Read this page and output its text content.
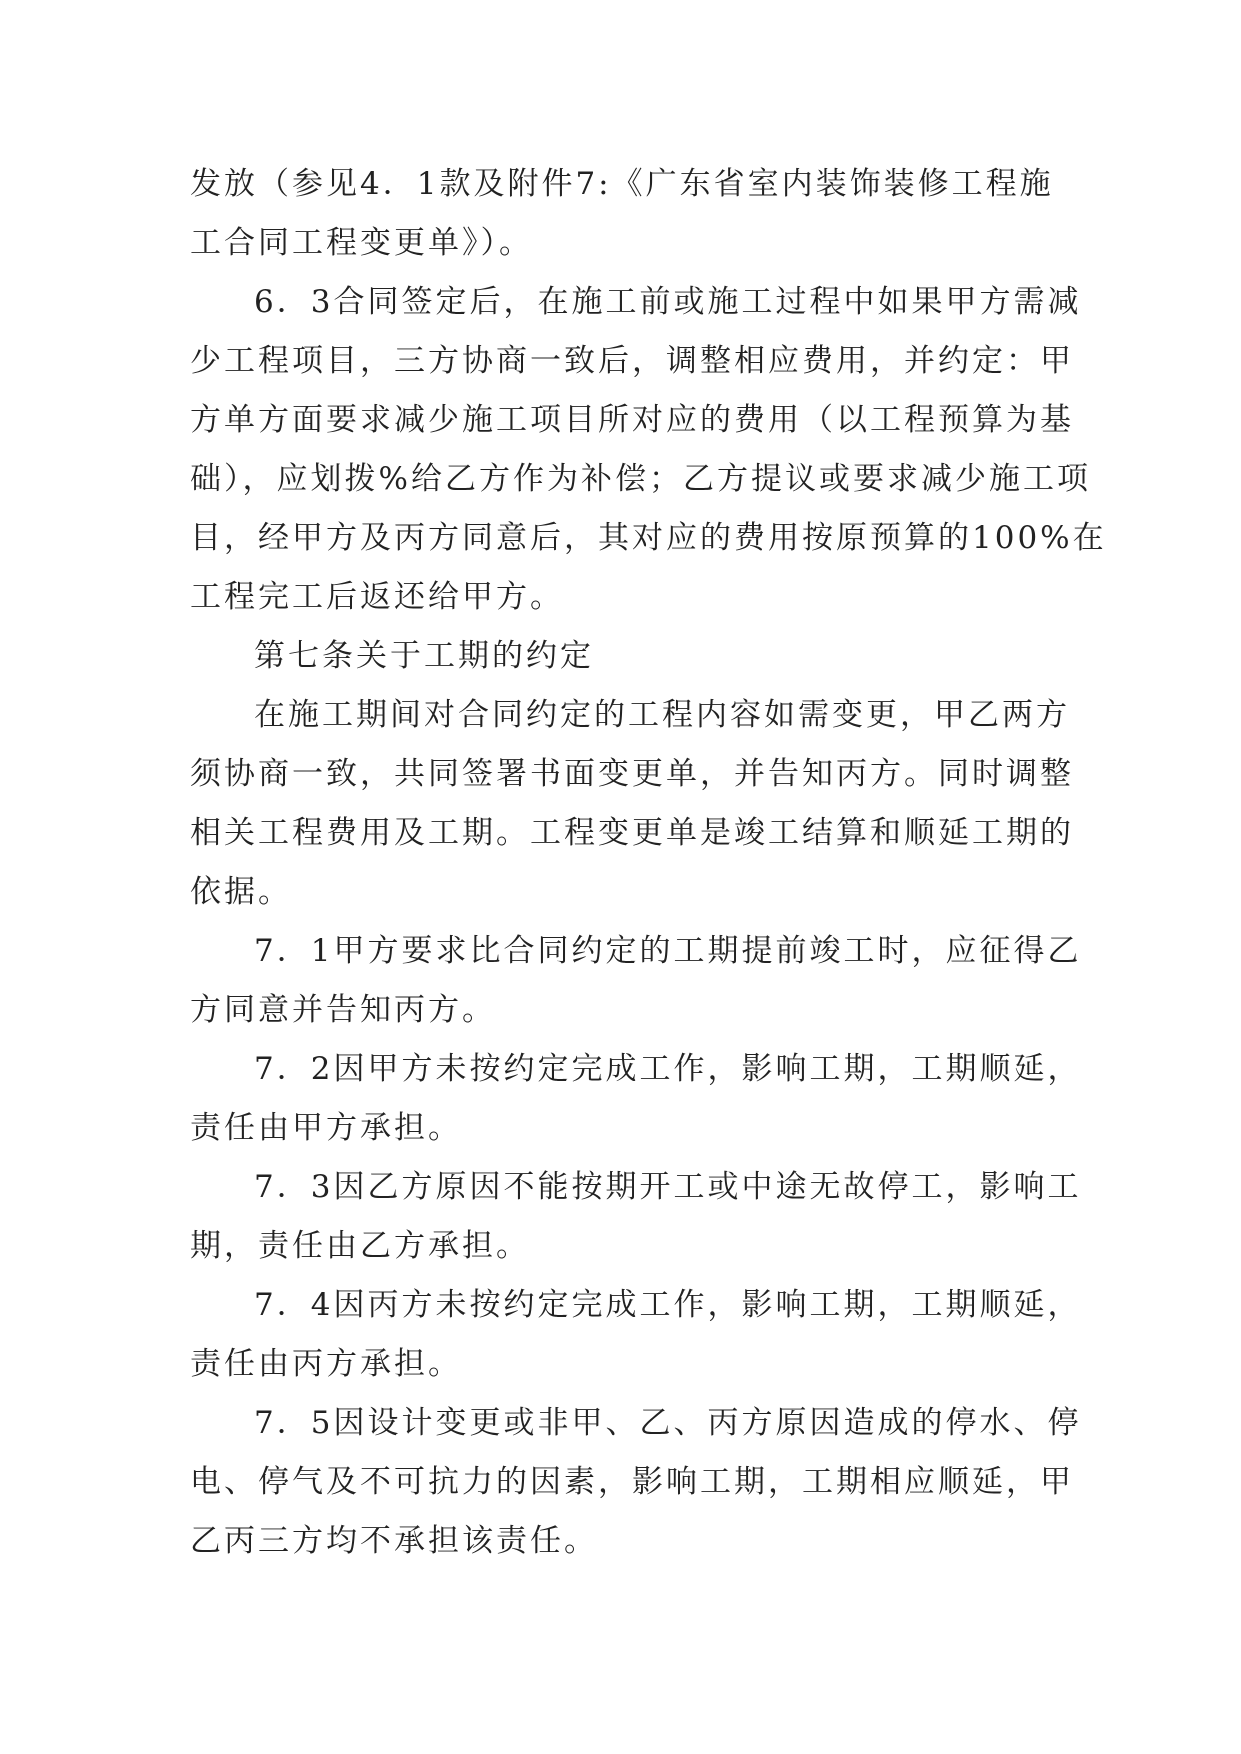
发放（参见4．1款及附件7:《广东省室内装饰装修工程施
工合同工程变更单》）。
6．3合同签定后，在施工前或施工过程中如果甲方需减
少工程项目，三方协商一致后，调整相应费用，并约定：甲
方单方面要求减少施工项目所对应的费用（以工程预算为基
础），应划拨%给乙方作为补偿；乙方提议或要求减少施工项
目，经甲方及丙方同意后，其对应的费用按原预算的100%在
工程完工后返还给甲方。
第七条关于工期的约定
在施工期间对合同约定的工程内容如需变更，甲乙两方
须协商一致，共同签署书面变更单，并告知丙方。同时调整
相关工程费用及工期。工程变更单是竣工结算和顺延工期的
依据。
7．1甲方要求比合同约定的工期提前竣工时，应征得乙
方同意并告知丙方。
7．2因甲方未按约定完成工作，影响工期，工期顺延，
责任由甲方承担。
7．3因乙方原因不能按期开工或中途无故停工，影响工
期，责任由乙方承担。
7．4因丙方未按约定完成工作，影响工期，工期顺延，
责任由丙方承担。
7．5因设计变更或非甲、乙、丙方原因造成的停水、停
电、停气及不可抗力的因素，影响工期，工期相应顺延，甲
乙丙三方均不承担该责任。
